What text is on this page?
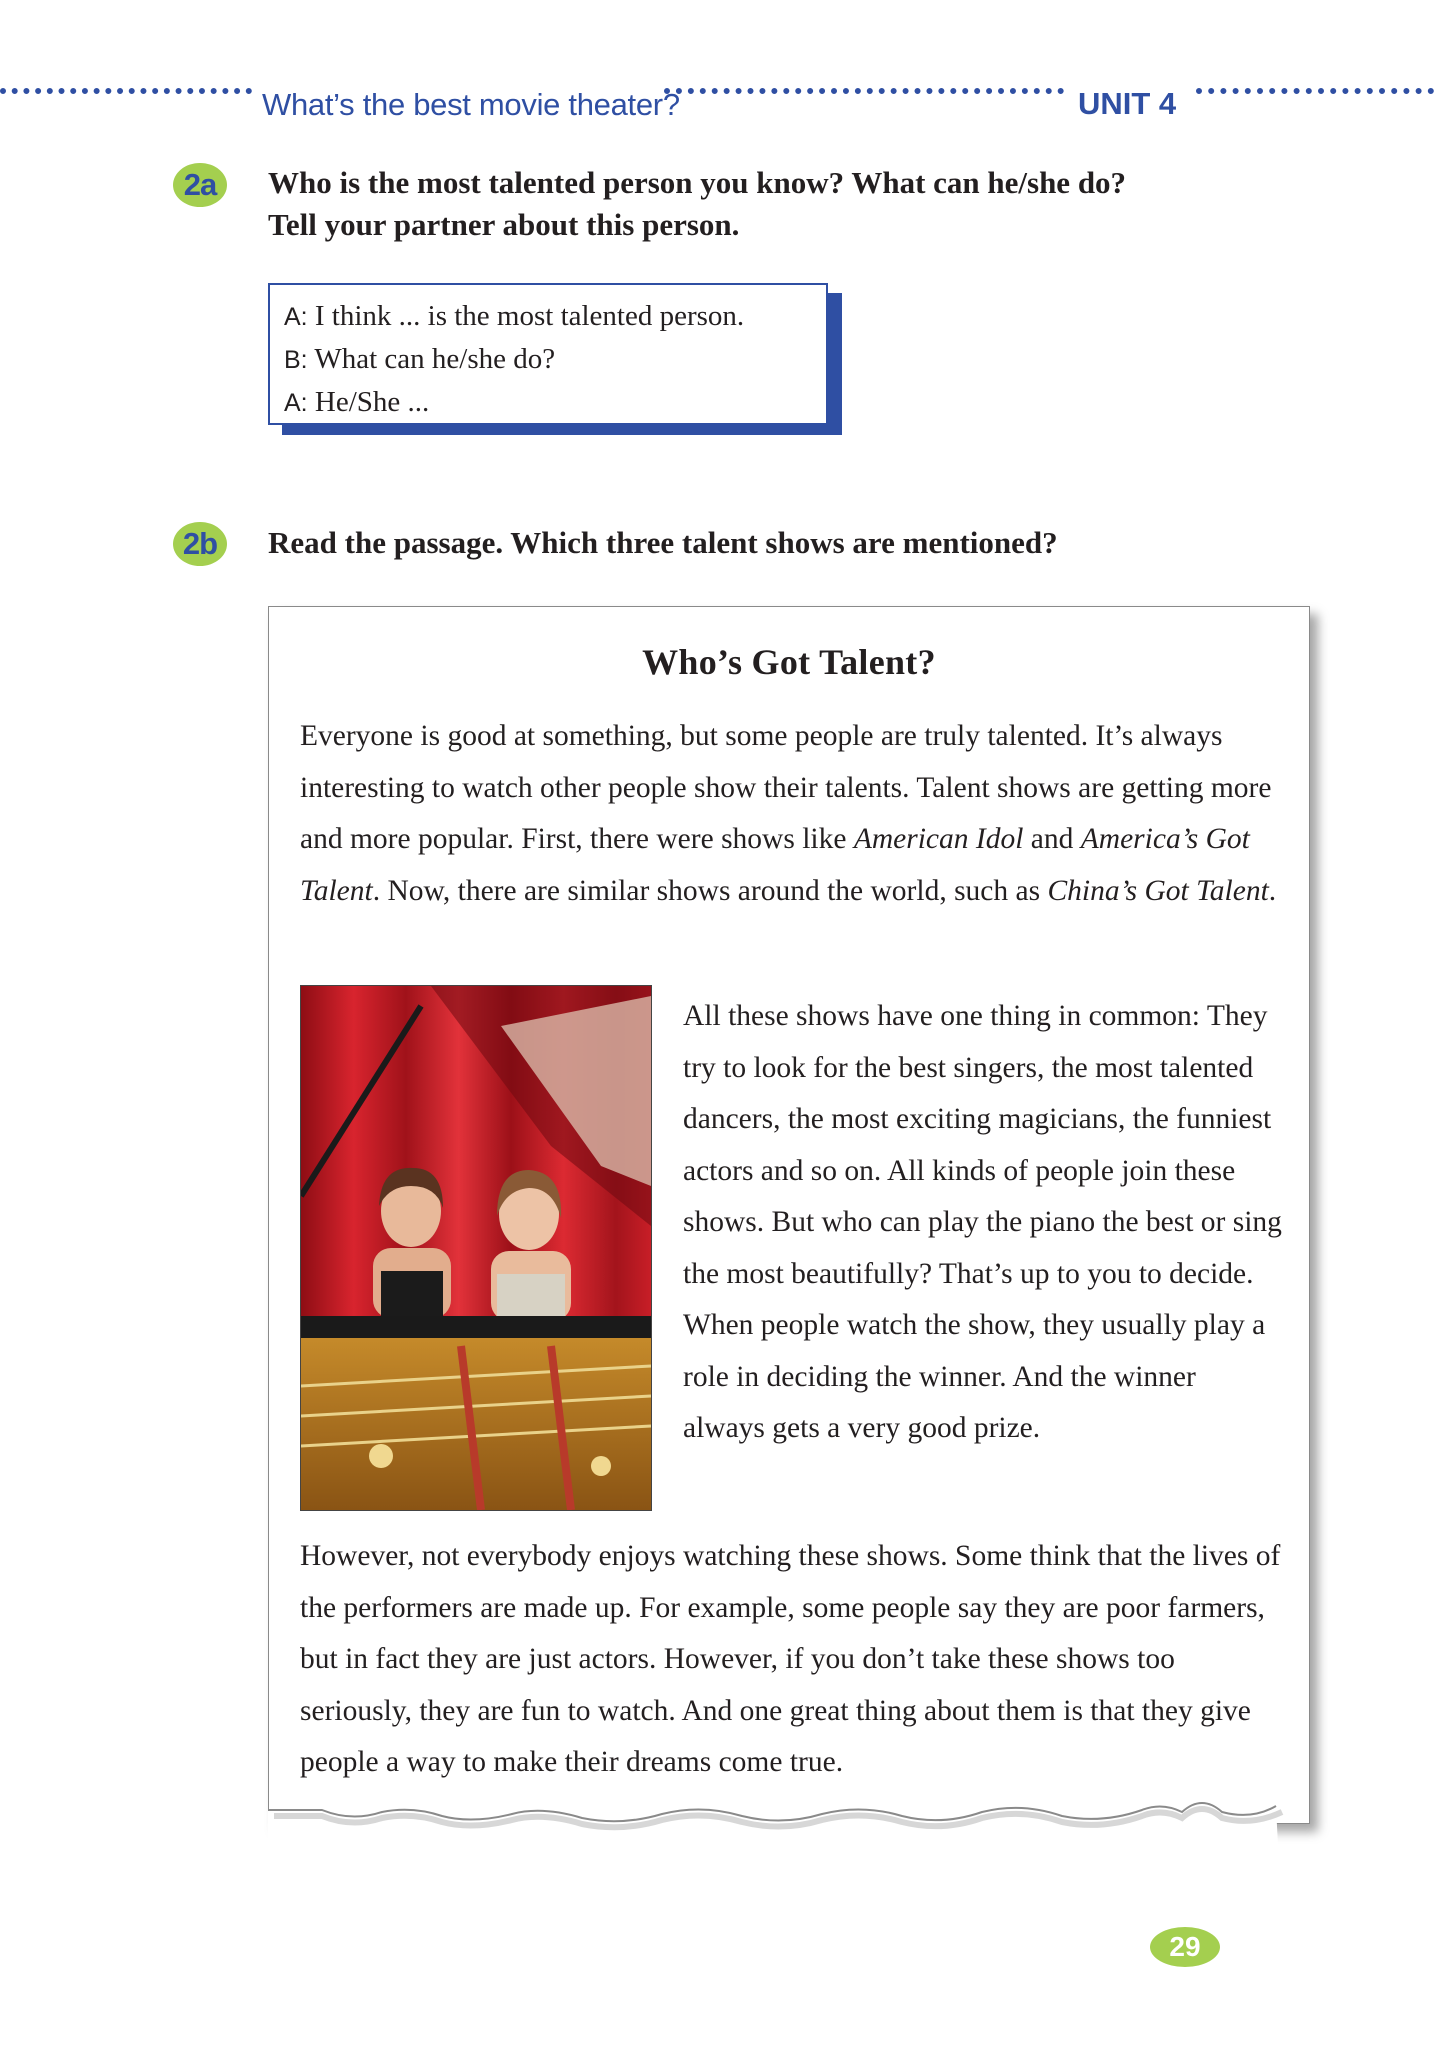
What’s the best movie theater?	UNIT 4
2a	Who is the most talented person you know? What can he/she do?
Tell your partner about this person.
A: I think ... is the most talented person.
B: What can he/she do?
A: He/She ...
2b	Read the passage. Which three talent shows are mentioned?
Who’s Got Talent?

Everyone is good at something, but some people are truly talented. It’s always interesting to watch other people show their talents. Talent shows are getting more and more popular. First, there were shows like American Idol and America’s Got Talent. Now, there are similar shows around the world, such as China’s Got Talent.

All these shows have one thing in common: They try to look for the best singers, the most talented dancers, the most exciting magicians, the funniest actors and so on. All kinds of people join these shows. But who can play the piano the best or sing the most beautifully? That’s up to you to decide. When people watch the show, they usually play a role in deciding the winner. And the winner always gets a very good prize.

However, not everybody enjoys watching these shows. Some think that the lives of the performers are made up. For example, some people say they are poor farmers, but in fact they are just actors. However, if you don’t take these shows too seriously, they are fun to watch. And one great thing about them is that they give people a way to make their dreams come true.

29
